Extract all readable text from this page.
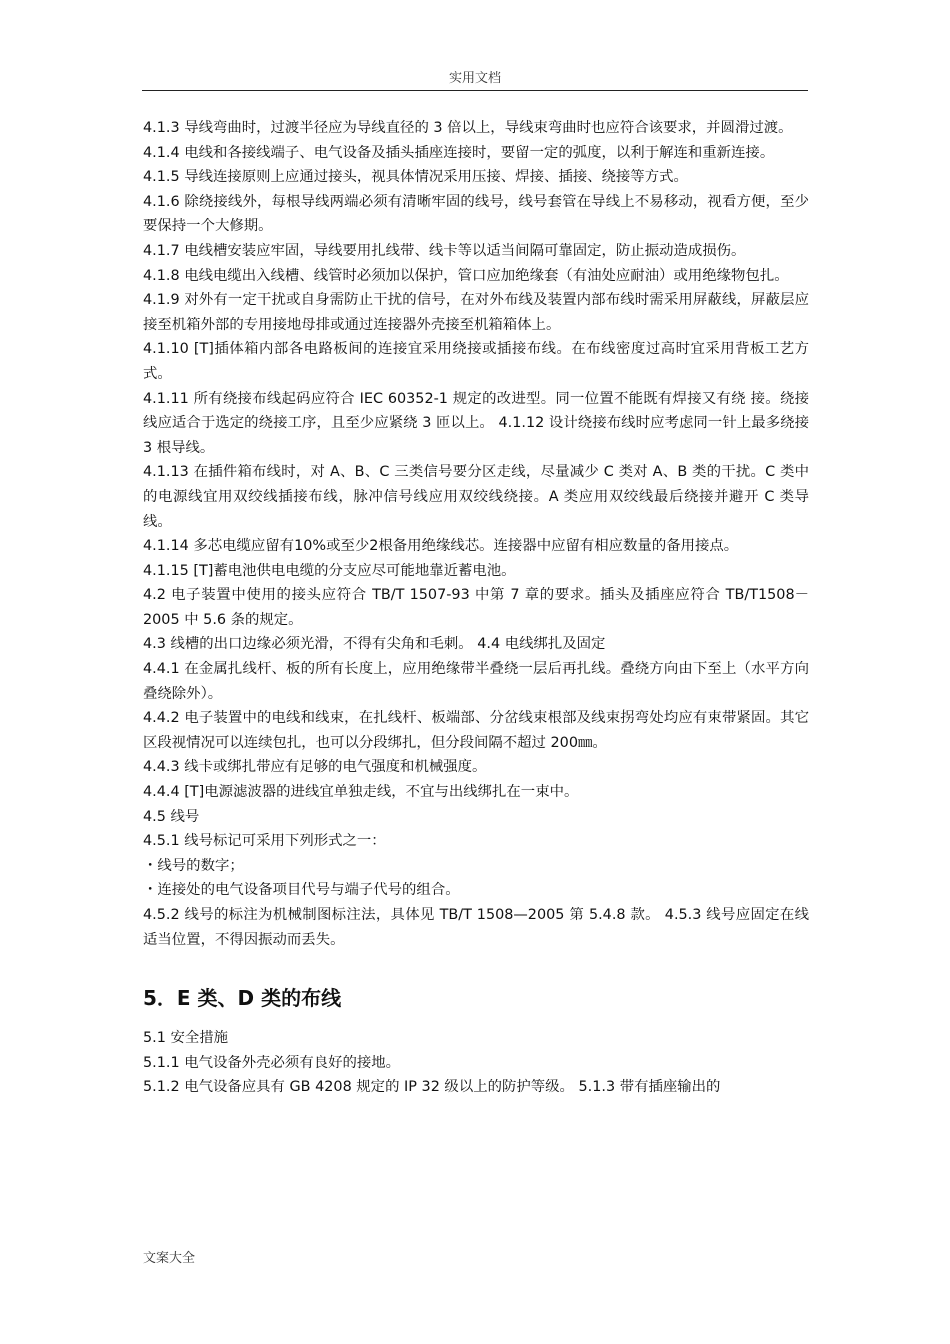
实用文档

4.1.3 导线弯曲时，过渡半径应为导线直径的 3 倍以上，导线束弯曲时也应符合该要求，并圆滑过渡。

4.1.4 电线和各接线端子、电气设备及插头插座连接时，要留一定的弧度，以利于解连和重新连接。

4.1.5 导线连接原则上应通过接头，视具体情况采用压接、焊接、插接、绕接等方式。

4.1.6 除绕接线外，每根导线两端必须有清晰牢固的线号，线号套管在导线上不易移动，视看方便，至少要保持一个大修期。

4.1.7 电线槽安装应牢固，导线要用扎线带、线卡等以适当间隔可靠固定，防止振动造成损伤。

4.1.8 电线电缆出入线槽、线管时必须加以保护，管口应加绝缘套（有油处应耐油）或用绝缘物包扎。

4.1.9 对外有一定干扰或自身需防止干扰的信号，在对外布线及装置内部布线时需采用屏蔽线，屏蔽层应接至机箱外部的专用接地母排或通过连接器外壳接至机箱箱体上。

4.1.10 [T]插体箱内部各电路板间的连接宜采用绕接或插接布线。在布线密度过高时宜采用背板工艺方式。

4.1.11 所有绕接布线起码应符合 IEC 60352-1 规定的改进型。同一位置不能既有焊接又有绕 接。绕接线应适合于选定的绕接工序，且至少应紧绕 3 匝以上。 4.1.12 设计绕接布线时应考虑同一针上最多绕接 3 根导线。

4.1.13 在插件箱布线时，对 A、B、C 三类信号要分区走线，尽量减少 C 类对 A、B 类的干扰。C 类中的电源线宜用双绞线插接布线，脉冲信号线应用双绞线绕接。A 类应用双绞线最后绕接并避开 C 类导线。

4.1.14 多芯电缆应留有10%或至少2根备用绝缘线芯。连接器中应留有相应数量的备用接点。

4.1.15 [T]蓄电池供电电缆的分支应尽可能地靠近蓄电池。

4.2 电子装置中使用的接头应符合 TB/T 1507-93 中第 7 章的要求。插头及插座应符合 TB/T1508－2005 中 5.6 条的规定。

4.3 线槽的出口边缘必须光滑，不得有尖角和毛刺。 4.4 电线绑扎及固定

4.4.1 在金属扎线杆、板的所有长度上，应用绝缘带半叠绕一层后再扎线。叠绕方向由下至上（水平方向叠绕除外）。

4.4.2 电子装置中的电线和线束，在扎线杆、板端部、分岔线束根部及线束拐弯处均应有束带紧固。其它区段视情况可以连续包扎，也可以分段绑扎，但分段间隔不超过 200㎜。

4.4.3 线卡或绑扎带应有足够的电气强度和机械强度。

4.4.4 [T]电源滤波器的进线宜单独走线，不宜与出线绑扎在一束中。

4.5 线号

4.5.1 线号标记可采用下列形式之一：

・线号的数字；

・连接处的电气设备项目代号与端子代号的组合。

4.5.2 线号的标注为机械制图标注法，具体见 TB/T 1508—2005 第 5.4.8 款。 4.5.3 线号应固定在线适当位置，不得因振动而丢失。

5．E 类、D 类的布线

5.1 安全措施

5.1.1 电气设备外壳必须有良好的接地。

5.1.2 电气设备应具有 GB 4208 规定的 IP 32 级以上的防护等级。 5.1.3 带有插座输出的

文案大全
